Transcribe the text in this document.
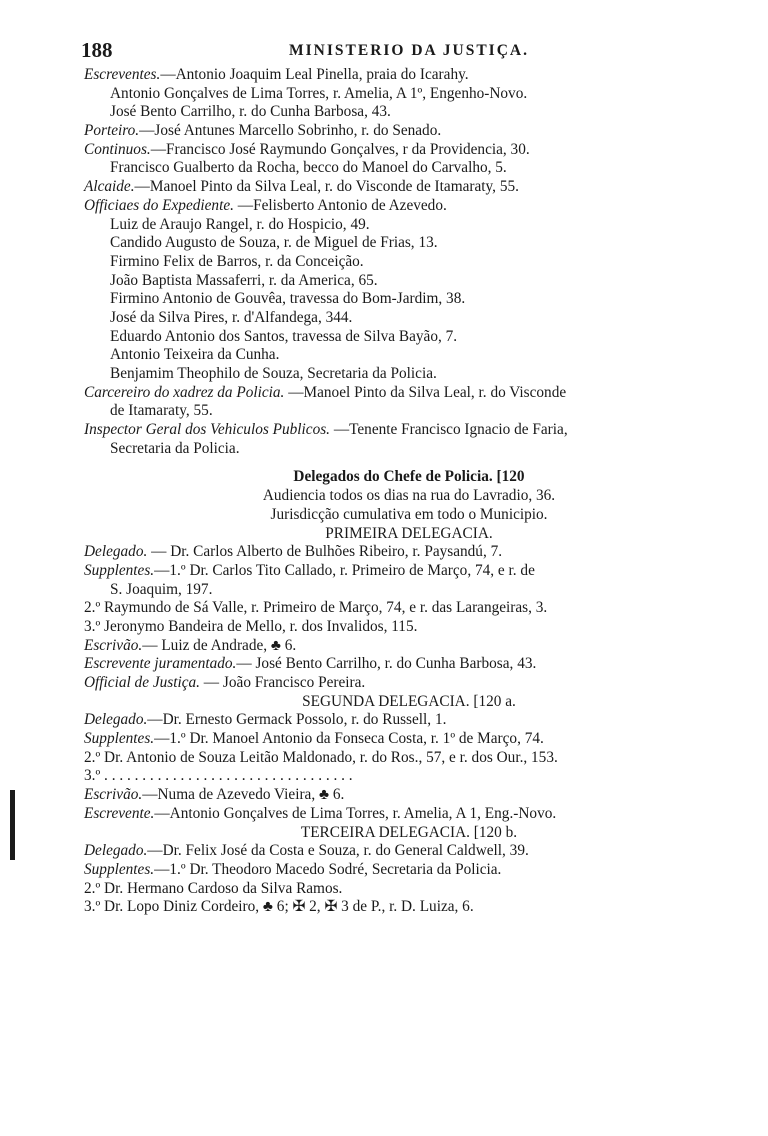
188	MINISTERIO DA JUSTIÇA.
Escreventes.—Antonio Joaquim Leal Pinella, praia do Icarahy.
Antonio Gonçalves de Lima Torres, r. Amelia, A 1º, Engenho-Novo.
José Bento Carrilho, r. do Cunha Barbosa, 43.
Porteiro.—José Antunes Marcello Sobrinho, r. do Senado.
Continuos.—Francisco José Raymundo Gonçalves, r da Providencia, 30.
Francisco Gualberto da Rocha, becco do Manoel do Carvalho, 5.
Alcaide.—Manoel Pinto da Silva Leal, r. do Visconde de Itamaraty, 55.
Officiaes do Expediente. —Felisberto Antonio de Azevedo.
Luiz de Araujo Rangel, r. do Hospicio, 49.
Candido Augusto de Souza, r. de Miguel de Frias, 13.
Firmino Felix de Barros, r. da Conceição.
João Baptista Massaferri, r. da America, 65.
Firmino Antonio de Gouvêa, travessa do Bom-Jardim, 38.
José da Silva Pires, r. d'Alfandega, 344.
Eduardo Antonio dos Santos, travessa de Silva Bayão, 7.
Antonio Teixeira da Cunha.
Benjamim Theophilo de Souza, Secretaria da Policia.
Carcereiro do xadrez da Policia. —Manoel Pinto da Silva Leal, r. do Visconde
de Itamaraty, 55.
Inspector Geral dos Vehiculos Publicos. —Tenente Francisco Ignacio de Faria,
Secretaria da Policia.
Delegados do Chefe de Policia. [120
Audiencia todos os dias na rua do Lavradio, 36.
Jurisdicção cumulativa em todo o Municipio.
PRIMEIRA DELEGACIA.
Delegado. — Dr. Carlos Alberto de Bulhões Ribeiro, r. Paysandú, 7.
Supplentes.—1.º Dr. Carlos Tito Callado, r. Primeiro de Março, 74, e r. de
S. Joaquim, 197.
2.º Raymundo de Sá Valle, r. Primeiro de Março, 74, e r. das Larangeiras, 3.
3.º Jeronymo Bandeira de Mello, r. dos Invalidos, 115.
Escrivão.— Luiz de Andrade, ♣ 6.
Escrevente juramentado.— José Bento Carrilho, r. do Cunha Barbosa, 43.
Official de Justiça. — João Francisco Pereira.
SEGUNDA DELEGACIA. [120 a.
Delegado.—Dr. Ernesto Germack Possolo, r. do Russell, 1.
Supplentes.—1.º Dr. Manoel Antonio da Fonseca Costa, r. 1º de Março, 74.
2.º Dr. Antonio de Souza Leitão Maldonado, r. do Ros., 57, e r. dos Our., 153.
3.º . . . . . . . . . . . . . . . . . . . . . . . . . . . . . . . . .
Escrivão.—Numa de Azevedo Vieira, ♣ 6.
Escrevente.—Antonio Gonçalves de Lima Torres, r. Amelia, A 1, Eng.-Novo.
TERCEIRA DELEGACIA. [120 b.
Delegado.—Dr. Felix José da Costa e Souza, r. do General Caldwell, 39.
Supplentes.—1.º Dr. Theodoro Macedo Sodré, Secretaria da Policia.
2.º Dr. Hermano Cardoso da Silva Ramos.
3.º Dr. Lopo Diniz Cordeiro, ♣ 6; ✠ 2, ✠ 3 de P., r. D. Luiza, 6.
